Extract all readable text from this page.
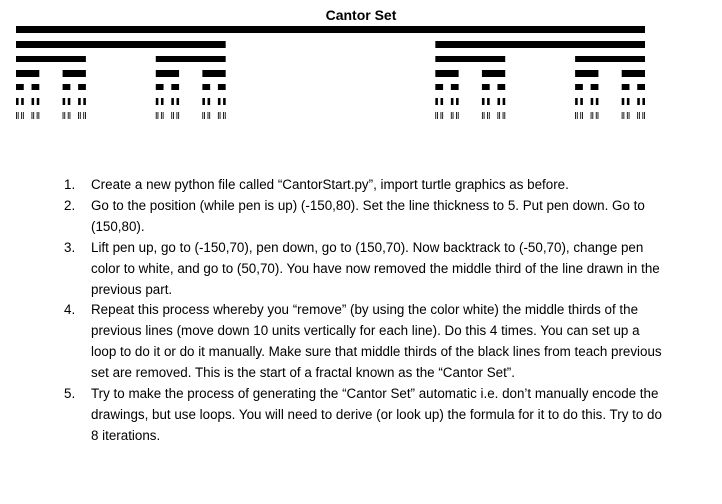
Cantor Set
1. Create a new python file called “CantorStart.py”, import turtle graphics as before.
2. Go to the position (while pen is up) (-150,80). Set the line thickness to 5. Put pen down. Go to (150,80).
3. Lift pen up, go to (-150,70), pen down, go to (150,70). Now backtrack to (-50,70), change pen color to white, and go to (50,70). You have now removed the middle third of the line drawn in the previous part.
4. Repeat this process whereby you “remove” (by using the color white) the middle thirds of the previous lines (move down 10 units vertically for each line). Do this 4 times. You can set up a loop to do it or do it manually. Make sure that middle thirds of the black lines from teach previous set are removed. This is the start of a fractal known as the “Cantor Set”.
5. Try to make the process of generating the “Cantor Set” automatic i.e. don’t manually encode the drawings, but use loops. You will need to derive (or look up) the formula for it to do this. Try to do 8 iterations.
